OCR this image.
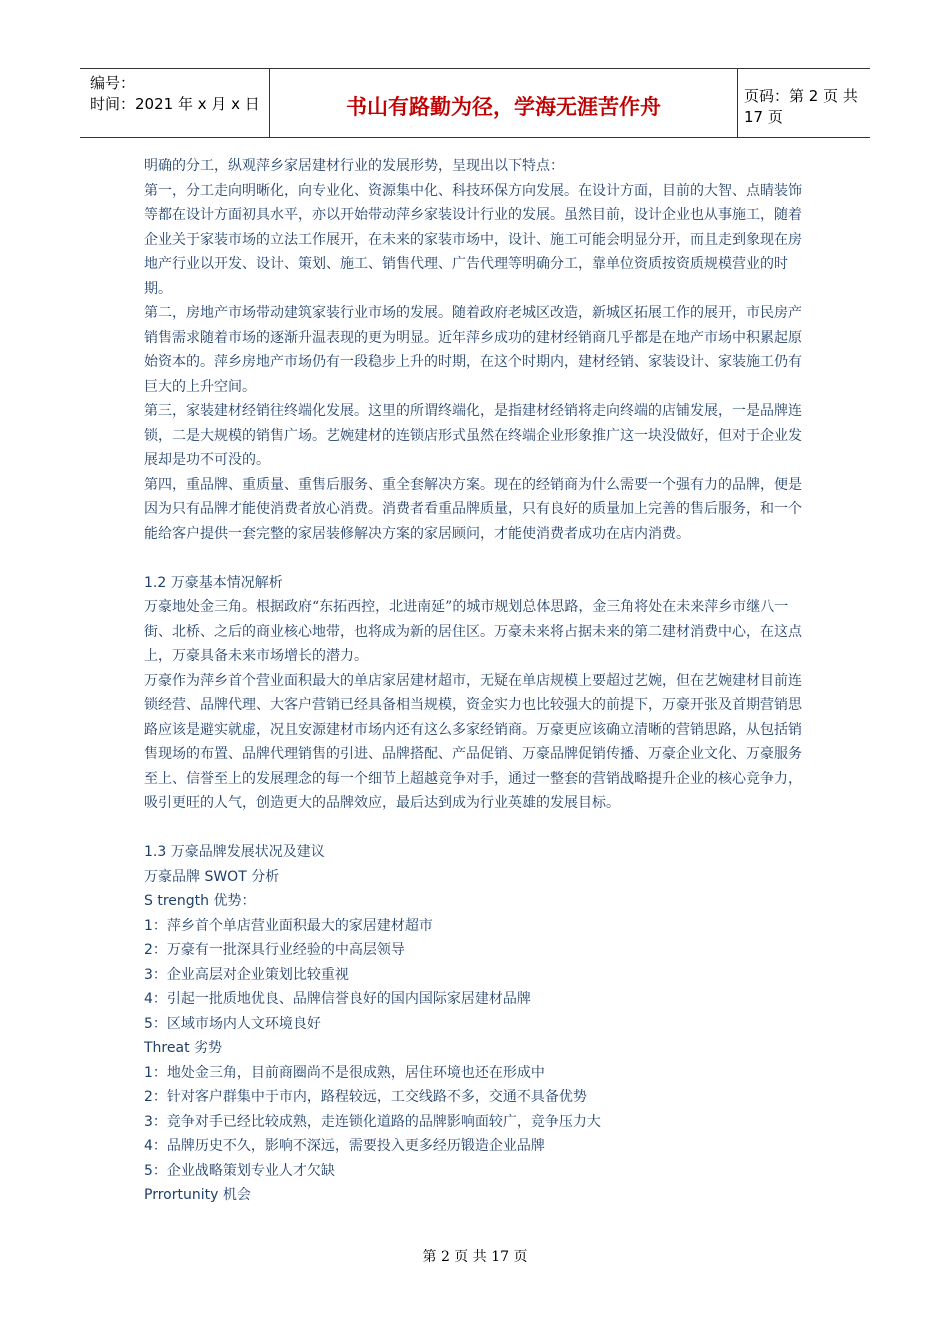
编号：
时间：2021 年 x 月 x 日	书山有路勤为径，学海无涯苦作舟	页码：第 2 页 共 17 页

明确的分工，纵观萍乡家居建材行业的发展形势，呈现出以下特点：

第一，分工走向明晰化，向专业化、资源集中化、科技环保方向发展。在设计方面，目前的大智、点睛装饰等都在设计方面初具水平，亦以开始带动萍乡家装设计行业的发展。虽然目前，设计企业也从事施工，随着企业关于家装市场的立法工作展开，在未来的家装市场中，设计、施工可能会明显分开，而且走到象现在房地产行业以开发、设计、策划、施工、销售代理、广告代理等明确分工，靠单位资质按资质规模营业的时期。

第二，房地产市场带动建筑家装行业市场的发展。随着政府老城区改造，新城区拓展工作的展开，市民房产销售需求随着市场的逐渐升温表现的更为明显。近年萍乡成功的建材经销商几乎都是在地产市场中积累起原始资本的。萍乡房地产市场仍有一段稳步上升的时期，在这个时期内，建材经销、家装设计、家装施工仍有巨大的上升空间。

第三，家装建材经销往终端化发展。这里的所谓终端化，是指建材经销将走向终端的店铺发展，一是品牌连锁，二是大规模的销售广场。艺婉建材的连锁店形式虽然在终端企业形象推广这一块没做好，但对于企业发展却是功不可没的。

第四，重品牌、重质量、重售后服务、重全套解决方案。现在的经销商为什么需要一个强有力的品牌，便是因为只有品牌才能使消费者放心消费。消费者看重品牌质量，只有良好的质量加上完善的售后服务，和一个能给客户提供一套完整的家居装修解决方案的家居顾问，才能使消费者成功在店内消费。

1.2 万豪基本情况解析

万豪地处金三角。根据政府“东拓西控，北进南延”的城市规划总体思路，金三角将处在未来萍乡市继八一街、北桥、之后的商业核心地带，也将成为新的居住区。万豪未来将占据未来的第二建材消费中心，在这点上，万豪具备未来市场增长的潜力。

万豪作为萍乡首个营业面积最大的单店家居建材超市，无疑在单店规模上要超过艺婉，但在艺婉建材目前连锁经营、品牌代理、大客户营销已经具备相当规模，资金实力也比较强大的前提下，万豪开张及首期营销思路应该是避实就虚，况且安源建材市场内还有这么多家经销商。万豪更应该确立清晰的营销思路，从包括销售现场的布置、品牌代理销售的引进、品牌搭配、产品促销、万豪品牌促销传播、万豪企业文化、万豪服务至上、信誉至上的发展理念的每一个细节上超越竞争对手，通过一整套的营销战略提升企业的核心竞争力，吸引更旺的人气，创造更大的品牌效应，最后达到成为行业英雄的发展目标。

1.3 万豪品牌发展状况及建议

万豪品牌 SWOT 分析

S trength 优势：

1：萍乡首个单店营业面积最大的家居建材超市

2：万豪有一批深具行业经验的中高层领导

3：企业高层对企业策划比较重视

4：引起一批质地优良、品牌信誉良好的国内国际家居建材品牌

5：区域市场内人文环境良好

Threat 劣势

1：地处金三角，目前商圈尚不是很成熟，居住环境也还在形成中

2：针对客户群集中于市内，路程较远，工交线路不多，交通不具备优势

3：竞争对手已经比较成熟，走连锁化道路的品牌影响面较广，竞争压力大

4：品牌历史不久，影响不深远，需要投入更多经历锻造企业品牌

5：企业战略策划专业人才欠缺

Prrortunity 机会

第 2 页 共 17 页
